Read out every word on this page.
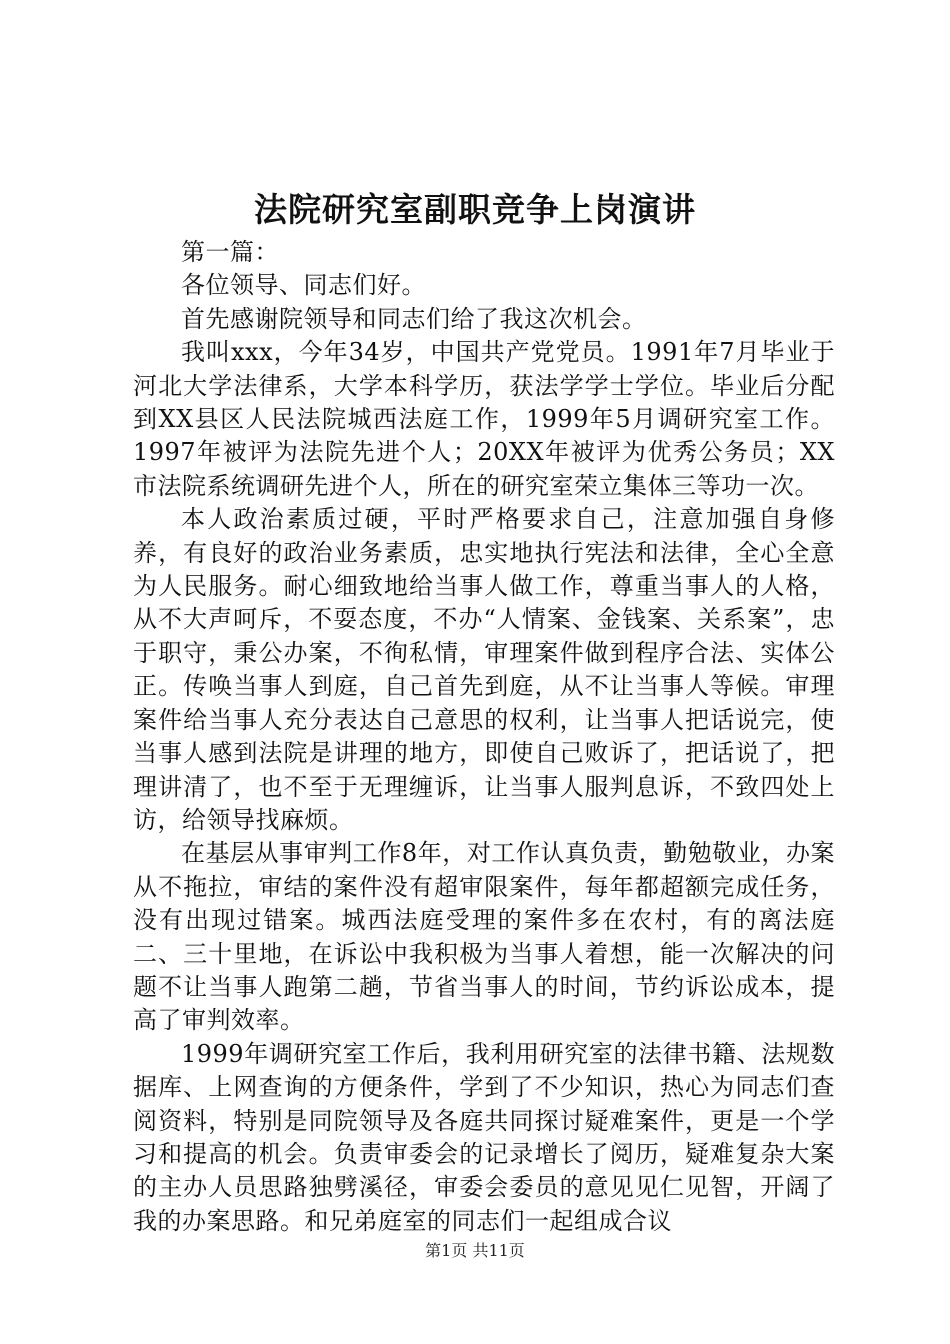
法院研究室副职竞争上岗演讲

第一篇：

各位领导、同志们好。

首先感谢院领导和同志们给了我这次机会。

我叫xxx，今年34岁，中国共产党党员。1991年7月毕业于河北大学法律系，大学本科学历，获法学学士学位。毕业后分配到XX县区人民法院城西法庭工作，1999年5月调研究室工作。1997年被评为法院先进个人；20XX年被评为优秀公务员；XX市法院系统调研先进个人，所在的研究室荣立集体三等功一次。

本人政治素质过硬，平时严格要求自己，注意加强自身修养，有良好的政治业务素质，忠实地执行宪法和法律，全心全意为人民服务。耐心细致地给当事人做工作，尊重当事人的人格，从不大声呵斥，不耍态度，不办“人情案、金钱案、关系案”，忠于职守，秉公办案，不徇私情，审理案件做到程序合法、实体公正。传唤当事人到庭，自己首先到庭，从不让当事人等候。审理案件给当事人充分表达自己意思的权利，让当事人把话说完，使当事人感到法院是讲理的地方，即使自己败诉了，把话说了，把理讲清了，也不至于无理缠诉，让当事人服判息诉，不致四处上访，给领导找麻烦。

在基层从事审判工作8年，对工作认真负责，勤勉敬业，办案从不拖拉，审结的案件没有超审限案件，每年都超额完成任务，没有出现过错案。城西法庭受理的案件多在农村，有的离法庭二、三十里地，在诉讼中我积极为当事人着想，能一次解决的问题不让当事人跑第二趟，节省当事人的时间，节约诉讼成本，提高了审判效率。

1999年调研究室工作后，我利用研究室的法律书籍、法规数据库、上网查询的方便条件，学到了不少知识，热心为同志们查阅资料，特别是同院领导及各庭共同探讨疑难案件，更是一个学习和提高的机会。负责审委会的记录增长了阅历，疑难复杂大案的主办人员思路独劈溪径，审委会委员的意见见仁见智，开阔了我的办案思路。和兄弟庭室的同志们一起组成合议

第1页 共11页
